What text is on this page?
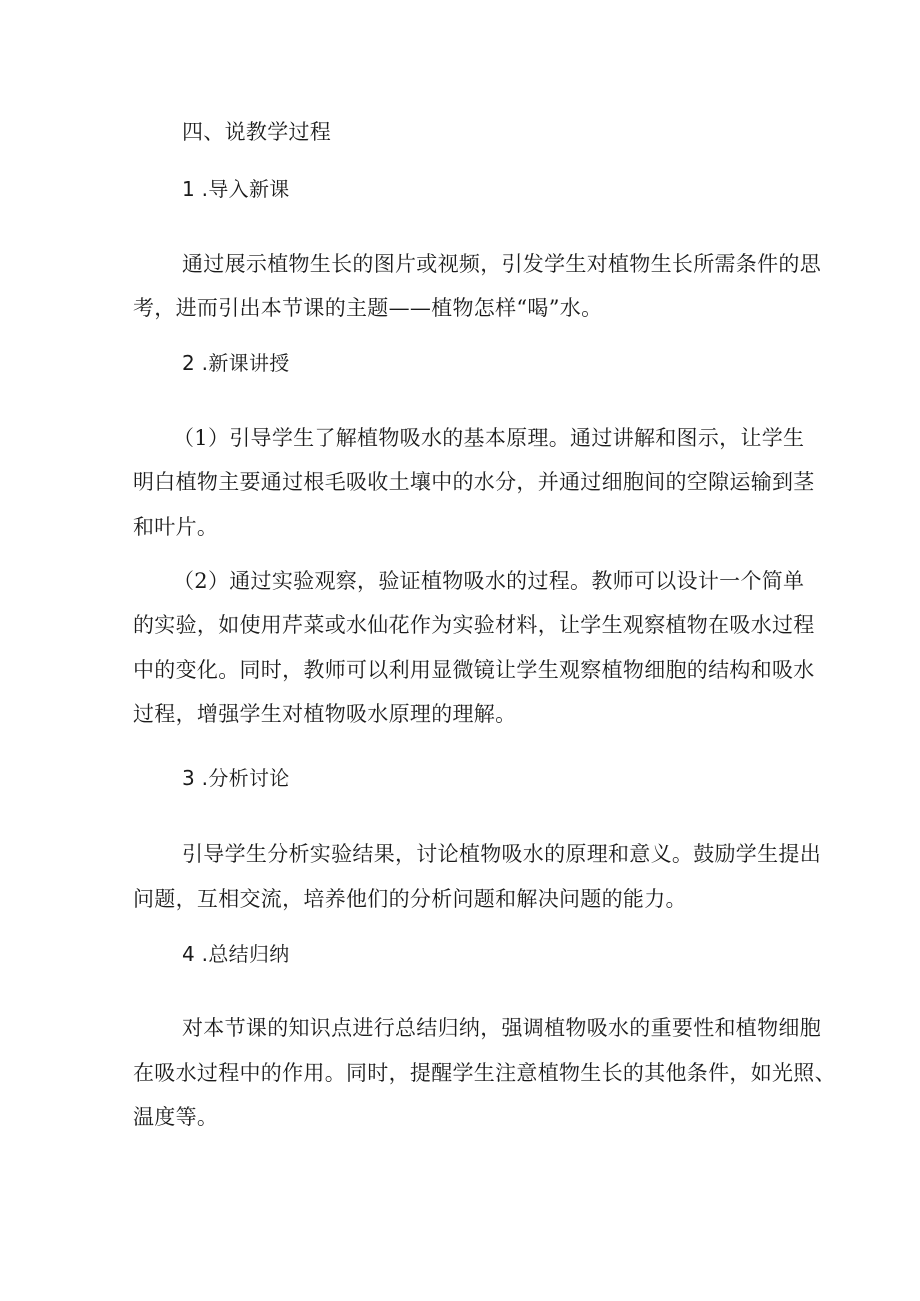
四、说教学过程
1 .导入新课
通过展示植物生长的图片或视频，引发学生对植物生长所需条件的思
考，进而引出本节课的主题——植物怎样“喝”水。
2 .新课讲授
（1）引导学生了解植物吸水的基本原理。通过讲解和图示，让学生
明白植物主要通过根毛吸收土壤中的水分，并通过细胞间的空隙运输到茎
和叶片。
（2）通过实验观察，验证植物吸水的过程。教师可以设计一个简单
的实验，如使用芹菜或水仙花作为实验材料，让学生观察植物在吸水过程
中的变化。同时，教师可以利用显微镜让学生观察植物细胞的结构和吸水
过程，增强学生对植物吸水原理的理解。
3 .分析讨论
引导学生分析实验结果，讨论植物吸水的原理和意义。鼓励学生提出
问题，互相交流，培养他们的分析问题和解决问题的能力。
4 .总结归纳
对本节课的知识点进行总结归纳，强调植物吸水的重要性和植物细胞
在吸水过程中的作用。同时，提醒学生注意植物生长的其他条件，如光照、
温度等。
